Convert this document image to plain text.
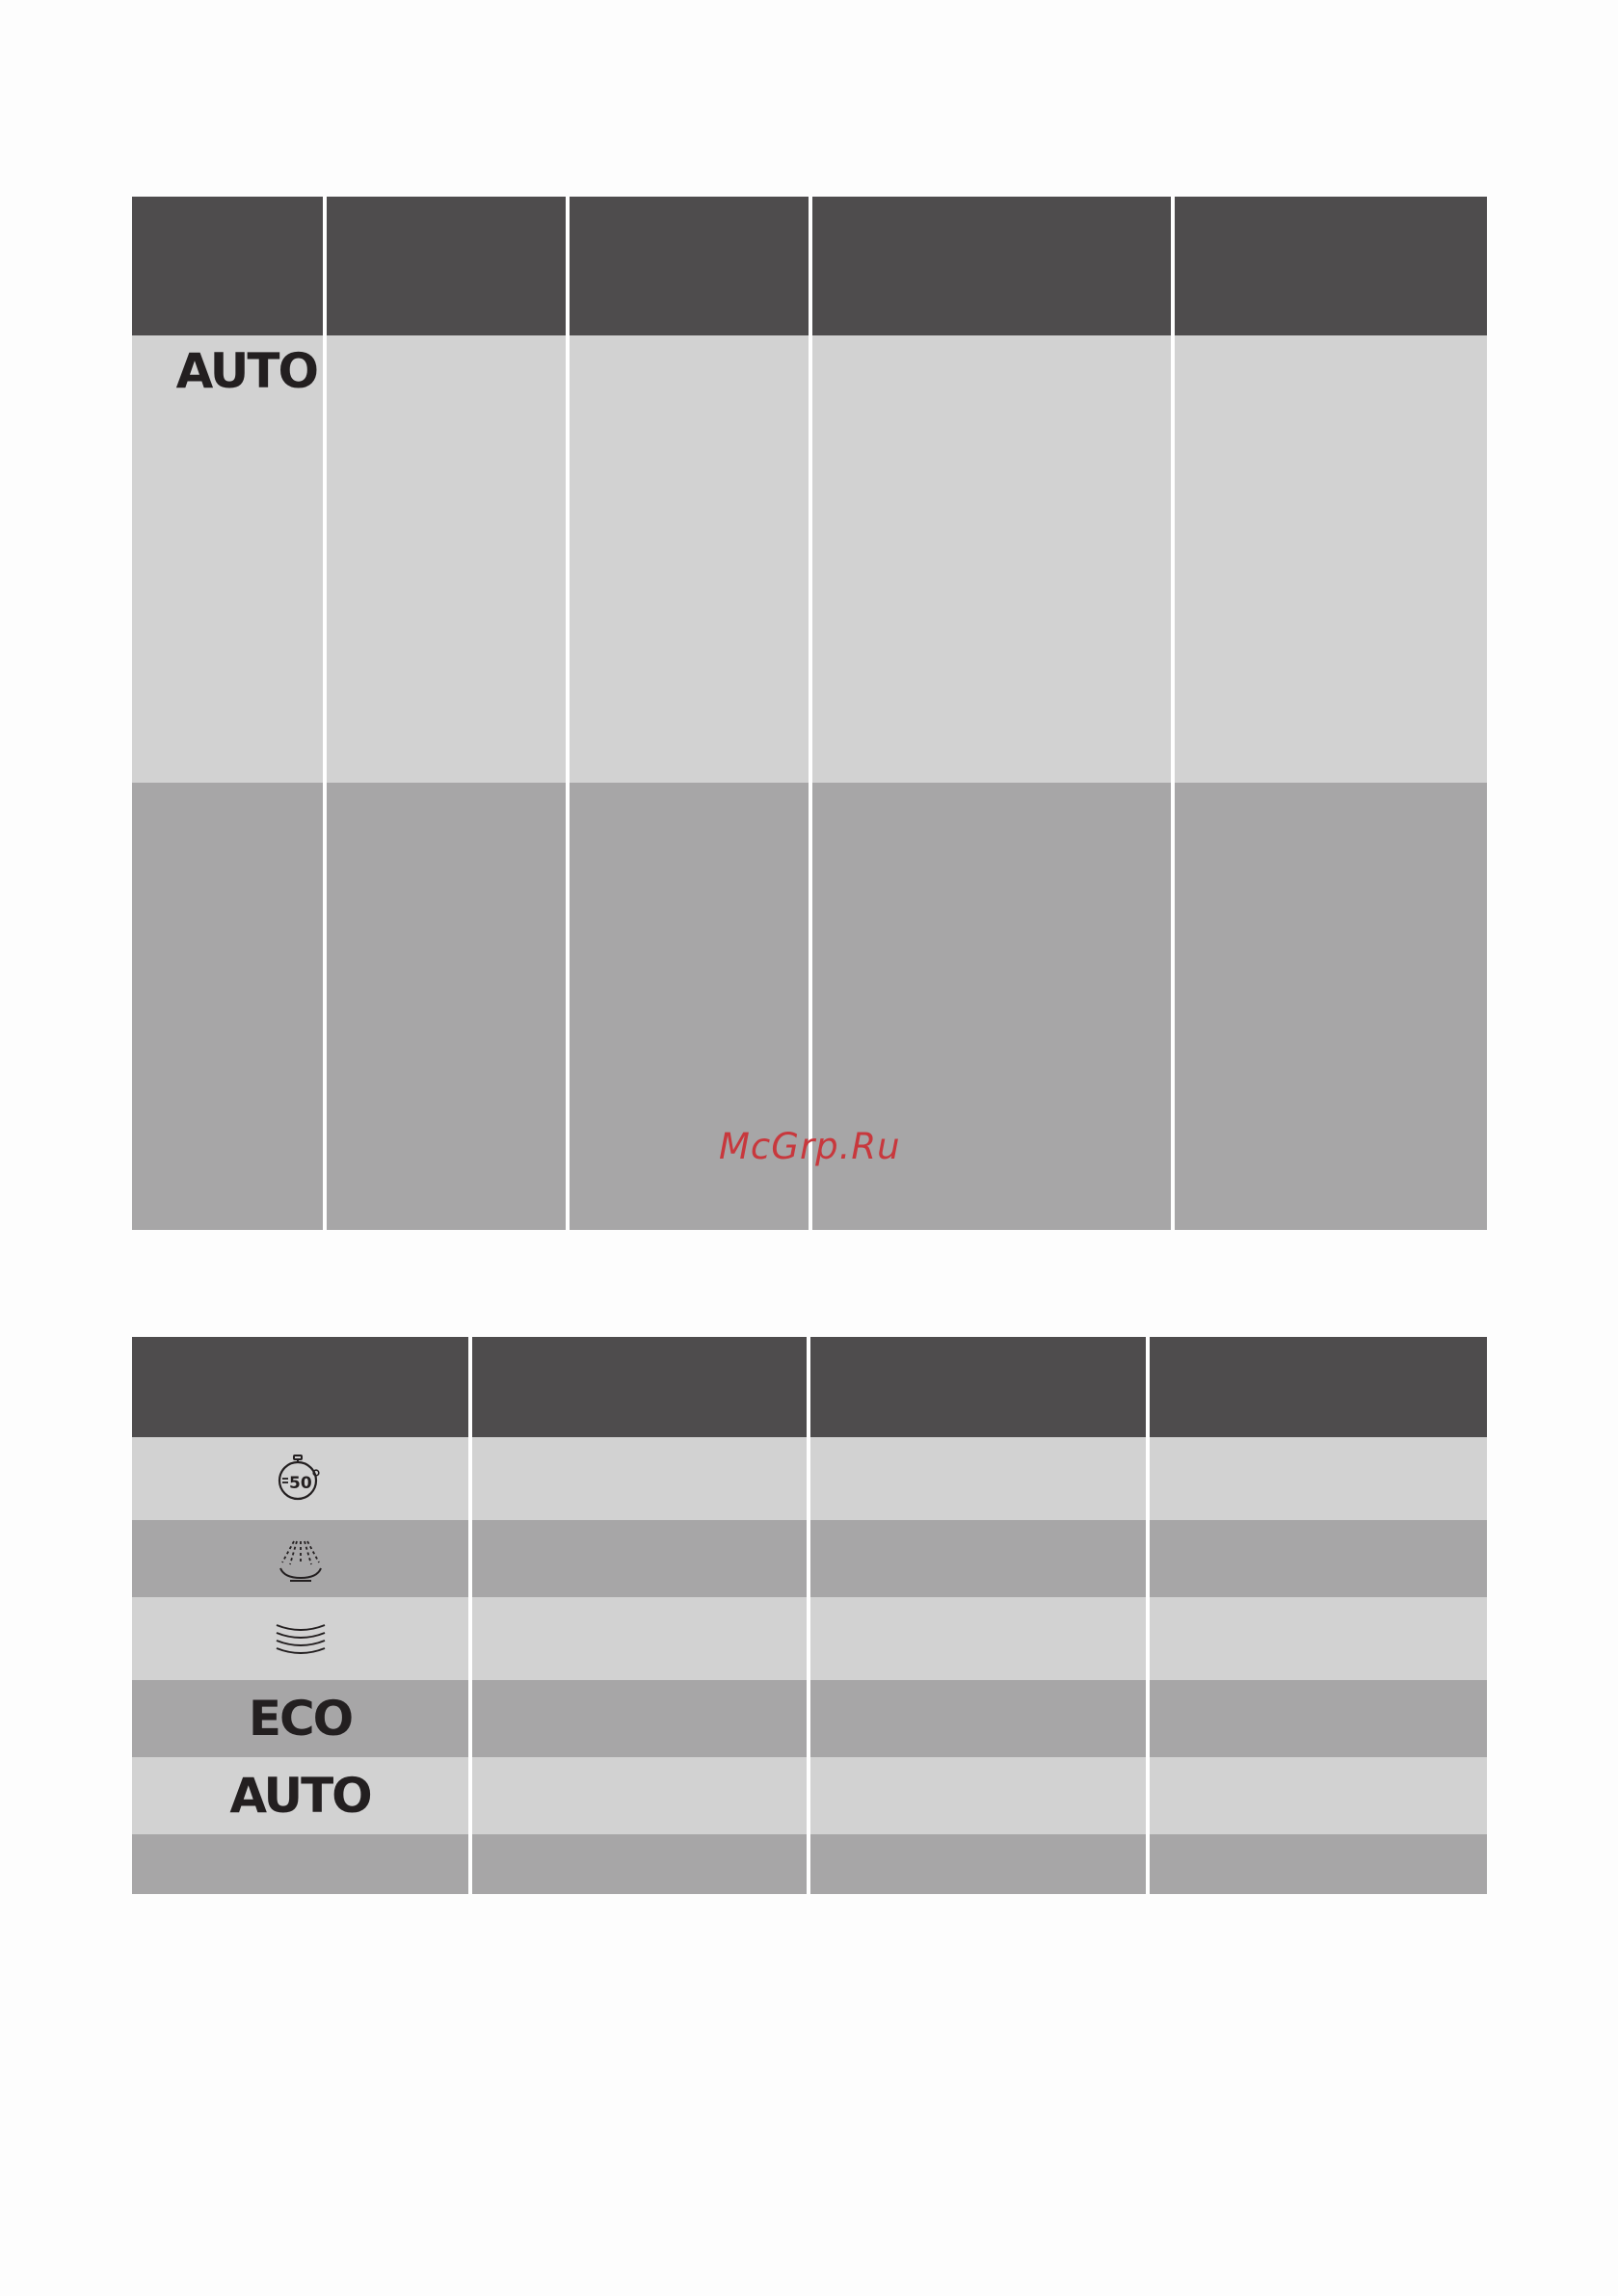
AUTO				

McGrp.Ru

50			

ECO			
AUTO			
